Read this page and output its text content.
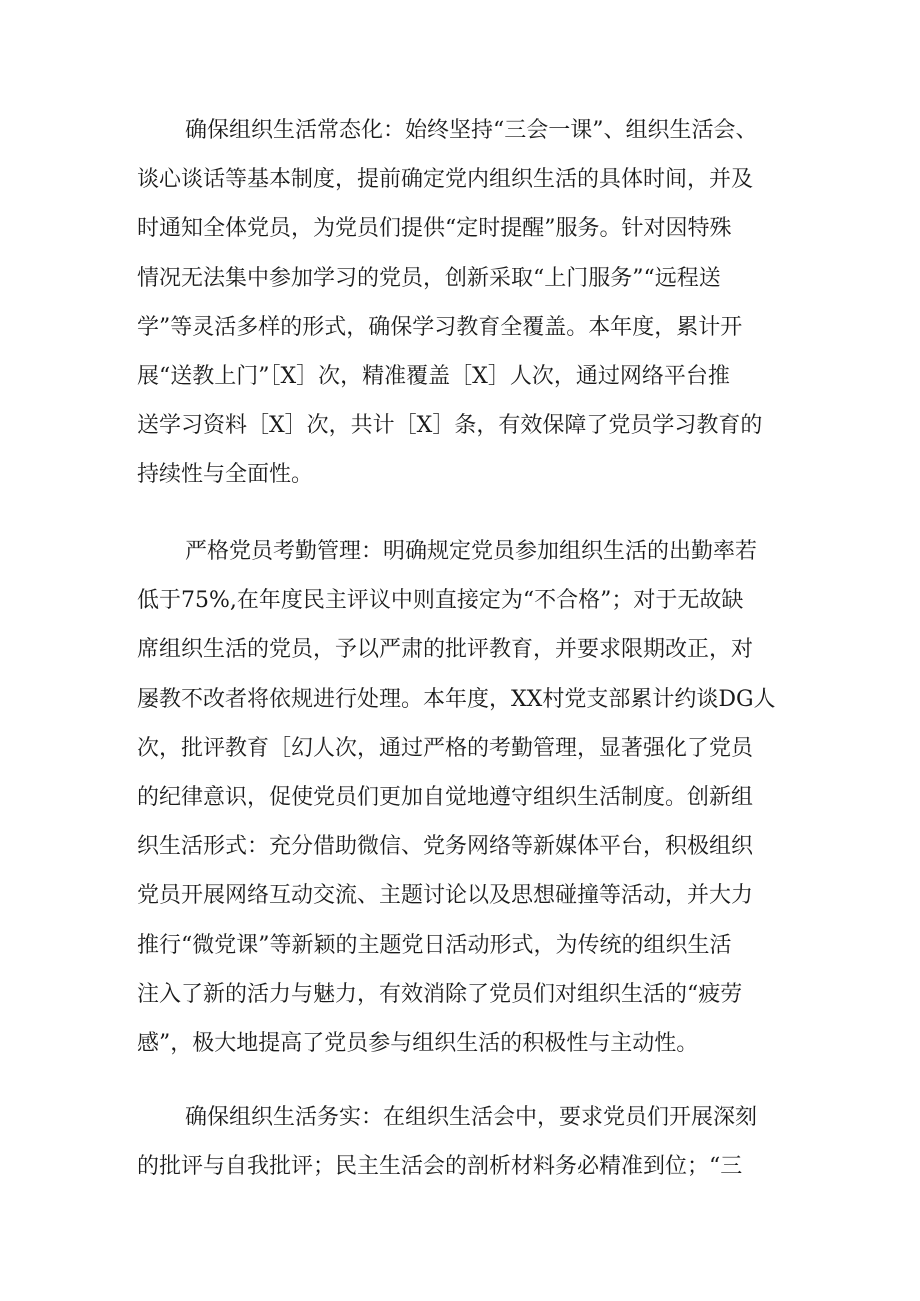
确保组织生活常态化：始终坚持“三会一课”、组织生活会、
谈心谈话等基本制度，提前确定党内组织生活的具体时间，并及
时通知全体党员，为党员们提供“定时提醒”服务。针对因特殊
情况无法集中参加学习的党员，创新采取“上门服务”“远程送
学”等灵活多样的形式，确保学习教育全覆盖。本年度，累计开
展“送教上门”［X］次，精准覆盖［X］人次，通过网络平台推
送学习资料［X］次，共计［X］条，有效保障了党员学习教育的
持续性与全面性。
严格党员考勤管理：明确规定党员参加组织生活的出勤率若
低于75%,在年度民主评议中则直接定为“不合格”；对于无故缺
席组织生活的党员，予以严肃的批评教育，并要求限期改正，对
屡教不改者将依规进行处理。本年度，XX村党支部累计约谈DG人
次，批评教育［幻人次，通过严格的考勤管理，显著强化了党员
的纪律意识，促使党员们更加自觉地遵守组织生活制度。创新组
织生活形式：充分借助微信、党务网络等新媒体平台，积极组织
党员开展网络互动交流、主题讨论以及思想碰撞等活动，并大力
推行“微党课”等新颖的主题党日活动形式，为传统的组织生活
注入了新的活力与魅力，有效消除了党员们对组织生活的“疲劳
感”，极大地提高了党员参与组织生活的积极性与主动性。
确保组织生活务实：在组织生活会中，要求党员们开展深刻
的批评与自我批评；民主生活会的剖析材料务必精准到位；“三
